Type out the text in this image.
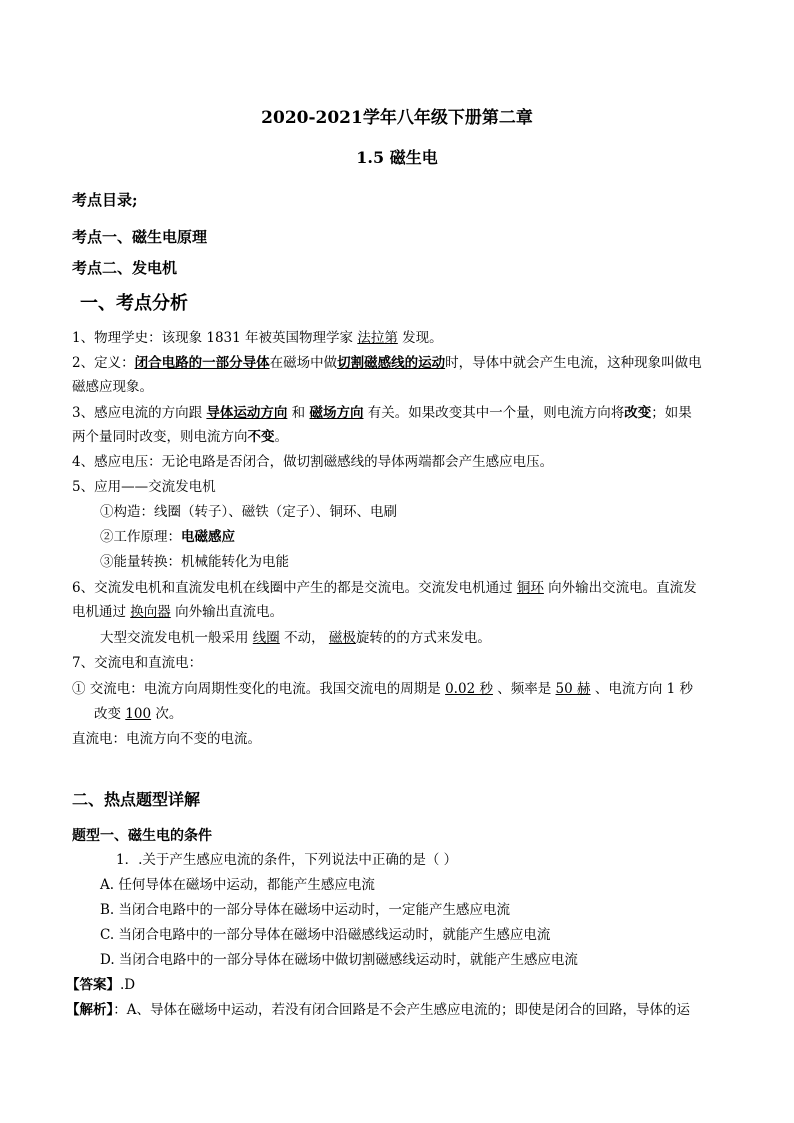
2020-2021学年八年级下册第二章
1.5 磁生电
考点目录;
考点一、磁生电原理
考点二、发电机
一、考点分析
1、物理学史：该现象 1831 年被英国物理学家 法拉第 发现。
2、定义：闭合电路的一部分导体在磁场中做切割磁感线的运动时，导体中就会产生电流，这种现象叫做电
磁感应现象。
3、感应电流的方向跟 导体运动方向 和 磁场方向 有关。如果改变其中一个量，则电流方向将改变；如果
两个量同时改变，则电流方向不变。
4、感应电压：无论电路是否闭合，做切割磁感线的导体两端都会产生感应电压。
5、应用——交流发电机
①构造：线圈（转子）、磁铁（定子）、铜环、电刷
②工作原理：电磁感应
③能量转换：机械能转化为电能
6、交流发电机和直流发电机在线圈中产生的都是交流电。交流发电机通过 铜环 向外输出交流电。直流发
电机通过 换向器 向外输出直流电。
大型交流发电机一般采用 线圈 不动， 磁极旋转的的方式来发电。
7、交流电和直流电：
① 交流电：电流方向周期性变化的电流。我国交流电的周期是 0.02 秒 、频率是 50 赫 、电流方向 1 秒
改变 100 次。
直流电：电流方向不变的电流。
二、热点题型详解
题型一、磁生电的条件
1．.关于产生感应电流的条件，下列说法中正确的是（ ）
A. 任何导体在磁场中运动，都能产生感应电流
B. 当闭合电路中的一部分导体在磁场中运动时，一定能产生感应电流
C. 当闭合电路中的一部分导体在磁场中沿磁感线运动时，就能产生感应电流
D. 当闭合电路中的一部分导体在磁场中做切割磁感线运动时，就能产生感应电流
【答案】.D
【解析】：A、导体在磁场中运动，若没有闭合回路是不会产生感应电流的；即使是闭合的回路，导体的运
